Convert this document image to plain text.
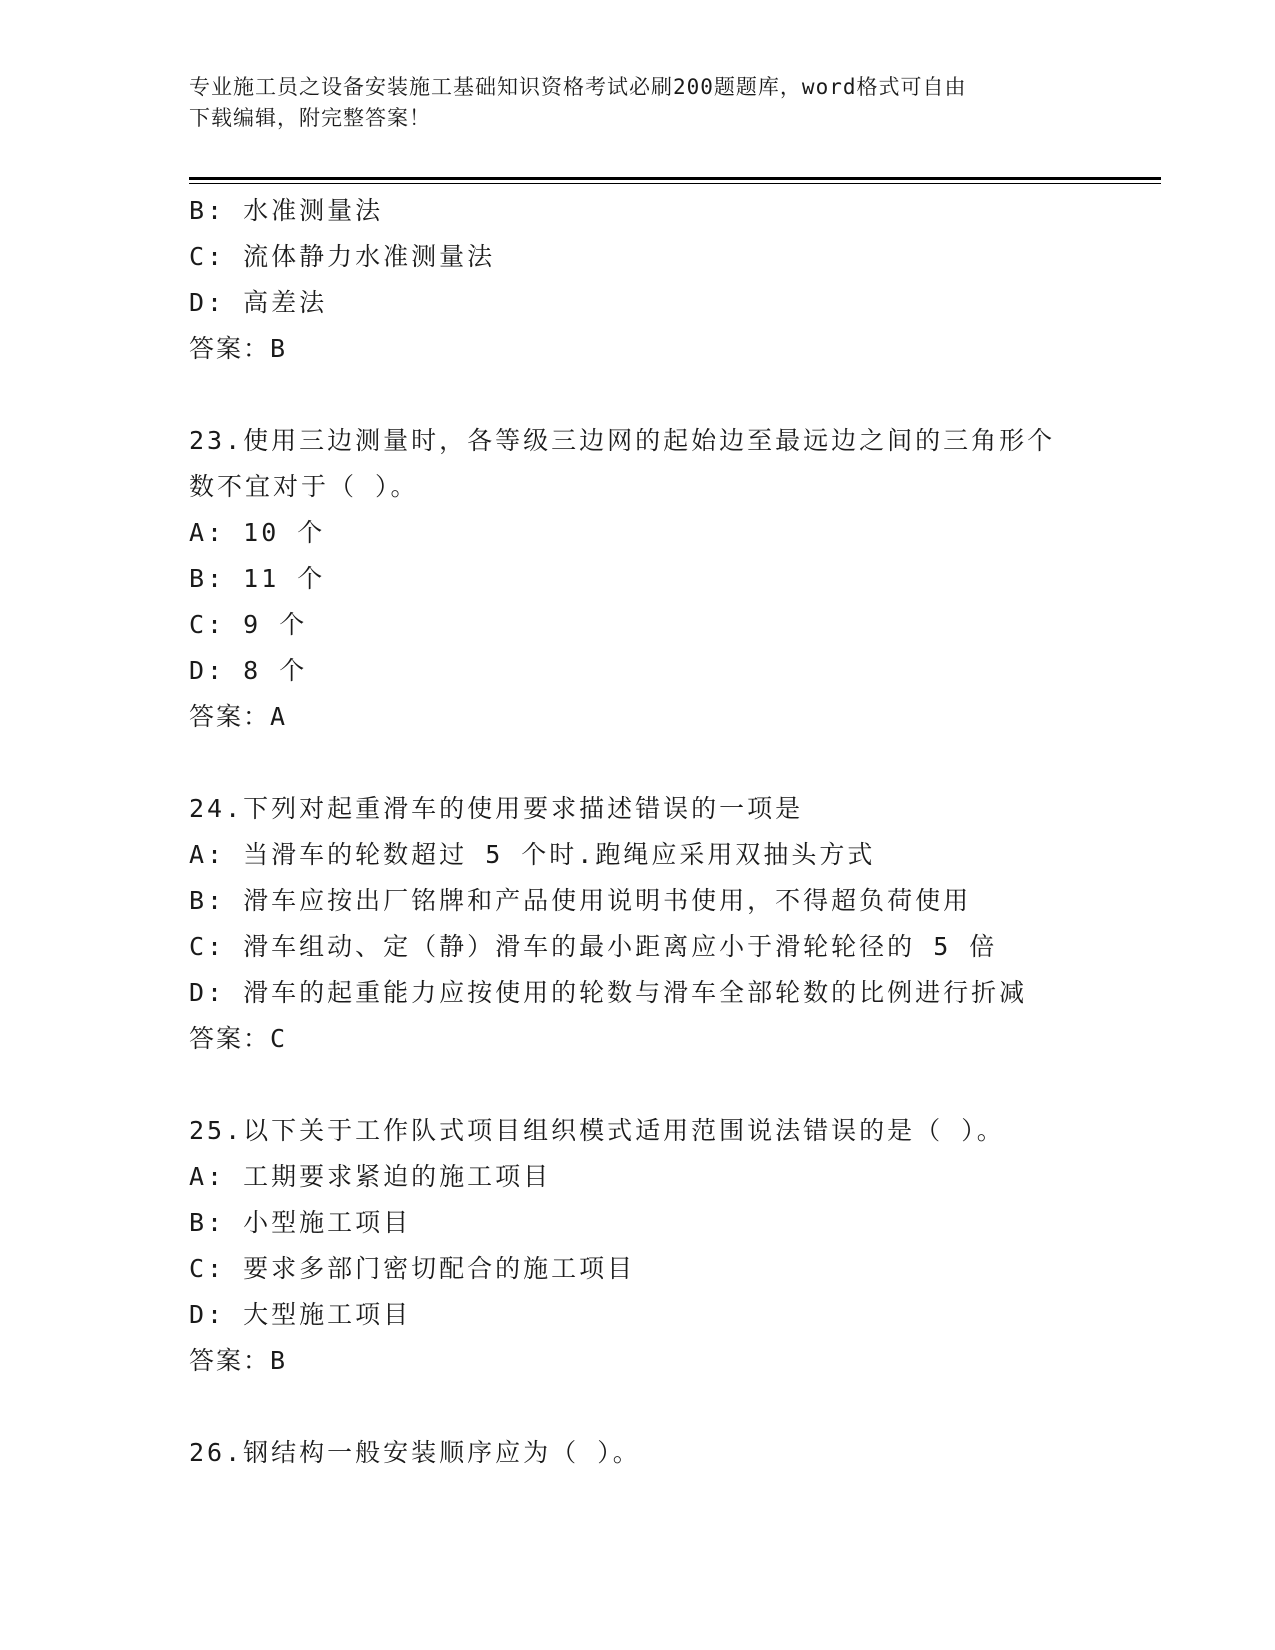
专业施工员之设备安装施工基础知识资格考试必刷200题题库，word格式可自由
下载编辑，附完整答案！
B: 水准测量法
C: 流体静力水准测量法
D: 高差法
答案：B
23.使用三边测量时，各等级三边网的起始边至最远边之间的三角形个
数不宜对于（ ）。
A: 10 个
B: 11 个
C: 9 个
D: 8 个
答案：A
24.下列对起重滑车的使用要求描述错误的一项是
A: 当滑车的轮数超过 5 个时.跑绳应采用双抽头方式
B: 滑车应按出厂铭牌和产品使用说明书使用，不得超负荷使用
C: 滑车组动、定（静）滑车的最小距离应小于滑轮轮径的 5 倍
D: 滑车的起重能力应按使用的轮数与滑车全部轮数的比例进行折减
答案：C
25.以下关于工作队式项目组织模式适用范围说法错误的是（ ）。
A: 工期要求紧迫的施工项目
B: 小型施工项目
C: 要求多部门密切配合的施工项目
D: 大型施工项目
答案：B
26.钢结构一般安装顺序应为（ ）。
